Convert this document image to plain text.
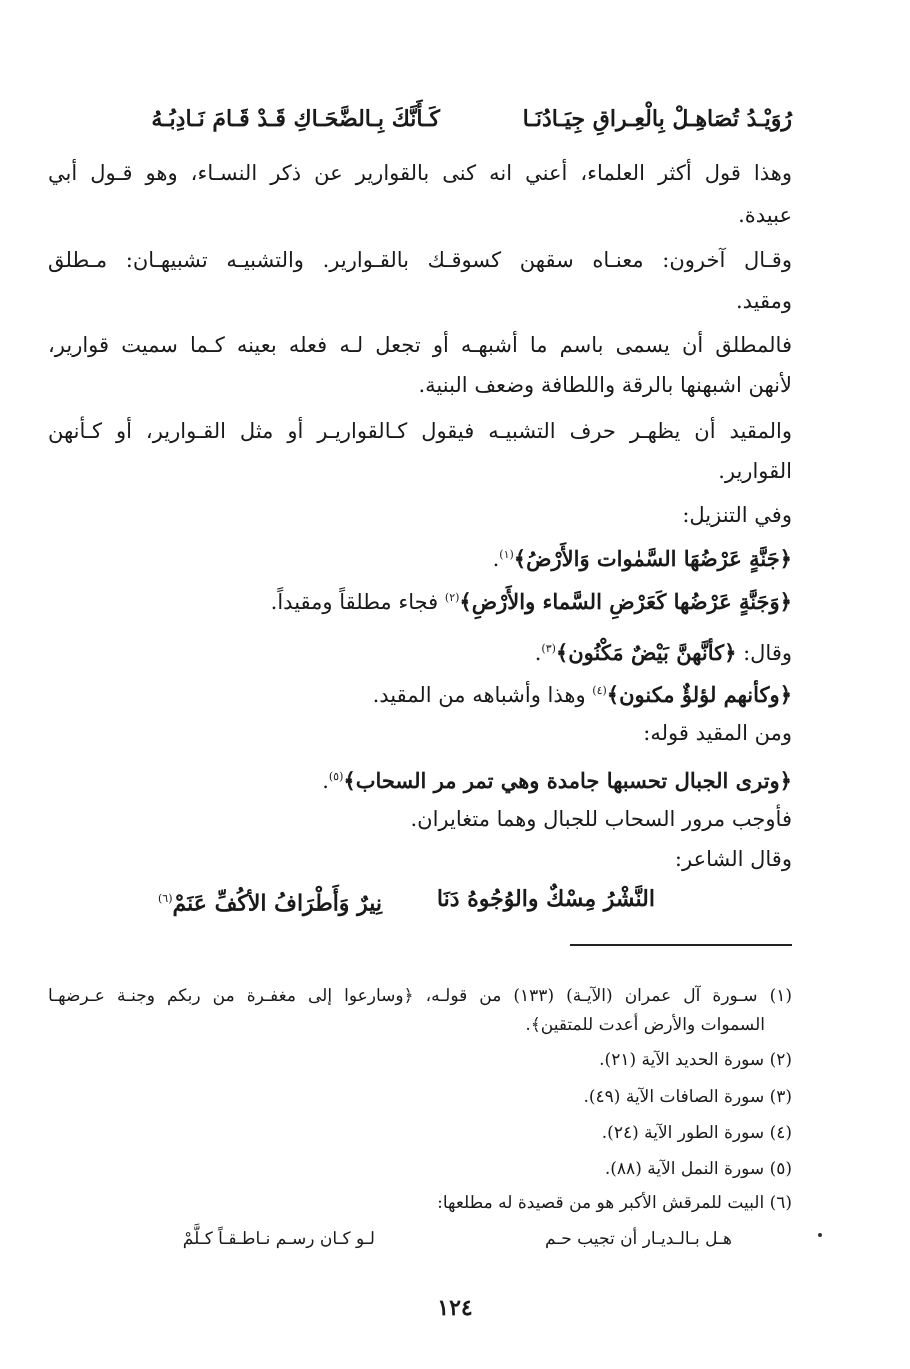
رُوَيْـدُ تُصَاهِـلْ بِالْعِـراقِ جِيَـادُنَـا
كَـأَنَّكَ بِـالضَّحَـاكِ قَـدْ قَـامَ نَـادِبُـهُ
وهذا قول أكثر العلماء، أعني انه كنى بالقوارير عن ذكر النسـاء، وهو قـول أبي
عبيدة.
وقـال آخرون: معنـاه سقهن كسوقـك بالقـوارير. والتشبيـه تشبيهـان: مـطلق
ومقيد.
فالمطلق أن يسمى باسم ما أشبهـه أو تجعل لـه فعله بعينه كـما سميت قوارير،
لأنهن اشبهنها بالرقة واللطافة وضعف البنية.
والمقيد أن يظهـر حرف التشبيـه فيقول كـالقواريـر أو مثل القـوارير، أو كـأنهن
القوارير.
وفي التنزيل:
﴿جَنَّةٍ عَرْضُهَا السَّمٰوات وَالأَرْضُ﴾$^{(١)}$.
﴿وَجَنَّةٍ عَرْضُها كَعَرْضِ السَّماء والأَرْضِ﴾$^{(٢)}$ فجاء مطلقاً ومقيداً.
وقال: ﴿كأنَّهنَّ بَيْضٌ مَكْنُون﴾$^{(٣)}$.
﴿وكأنهم لؤلؤٌ مكنون﴾$^{(٤)}$ وهذا وأشباهه من المقيد.
ومن المقيد قوله:
﴿وترى الجبال تحسبها جامدة وهي تمر مر السحاب﴾$^{(٥)}$.
فأوجب مرور السحاب للجبال وهما متغايران.
وقال الشاعر:
النَّشْرُ مِسْكٌ والوُجُوهُ دَنَا
نِيرٌ وَأَطْرَافُ الأكُفِّ عَنَمْ$^{(٦)}$
(١) سـورة آل عمران (الآيـة) (١٣٣) من قولـه، ﴿وسارعوا إلى مغفـرة من ربكم وجنـة عـرضهـا
السموات والأرض أعدت للمتقين﴾.
(٢) سورة الحديد الآية (٢١).
(٣) سورة الصافات الآية (٤٩).
(٤) سورة الطور الآية (٢٤).
(٥) سورة النمل الآية (٨٨).
(٦) البيت للمرقش الأكبر هو من قصيدة له مطلعها:
هـل بـالـديـار أن تجيب حـم
لـو كـان رسـم نـاطـقـاً كـلَّمْ
١٢٤
